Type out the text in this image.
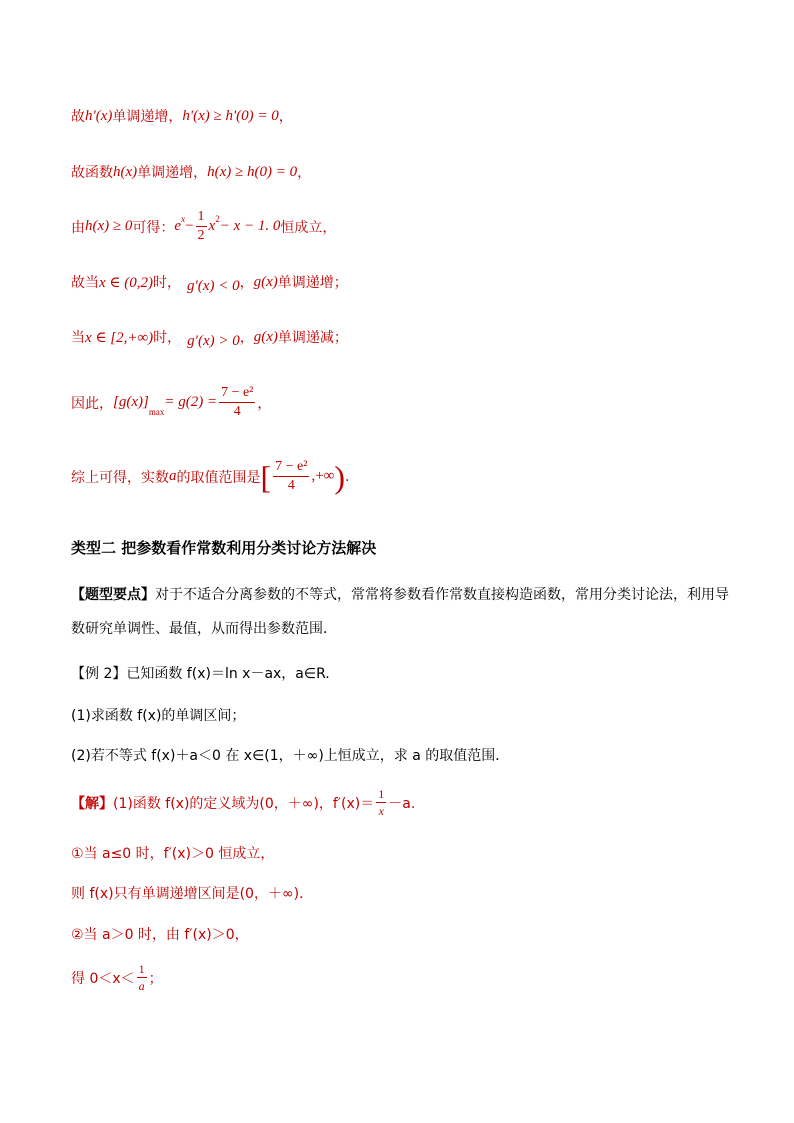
故 h'(x) 单调递增， h'(x) ≥ h'(0) = 0 ，
故函数 h(x) 单调递增， h(x) ≥ h(0) = 0 ，
由 h(x) ≥ 0 可得： e $x - \frac{1}{2}$ x 2 − x − 1. 0 恒成立，
故当 x ∈ (0,2) 时， g′(x) < 0 ， g(x) 单调递增；
当 x ∈ [2,+∞) 时， g′(x) > 0 ， g(x) 单调递减；
因此， [g(x)]
max
= $g(2) = \frac{\text{7 − e²}}{4}$ ，
综上可得，实数 a 的取值范围是 [ $\frac{\text{7 − e²}}{4}$ ,+∞ ) .
类型二 把参数看作常数利用分类讨论方法解决
【题型要点】对于不适合分离参数的不等式，常常将参数看作常数直接构造函数，常用分类讨论法，利用导数研究单调性、最值，从而得出参数范围．
【例 2】 已知函数 f(x)＝ln x－ax，a∈R.
(1)求函数 f(x)的单调区间；
(2)若不等式 f(x)＋a＜0 在 x∈(1，＋∞)上恒成立，求 a 的取值范围．
【解】 (1)函数 f(x)的定义域为(0，＋∞)，$f'(x)= \frac{1}{x} -a$.
①当 a≤0 时，f′(x)＞0 恒成立，
则 f(x)只有单调递增区间是(0，＋∞)．
②当 a＞0 时，由 f′(x)＞0，
得 $0<x< \frac{1}{a}$ ；
